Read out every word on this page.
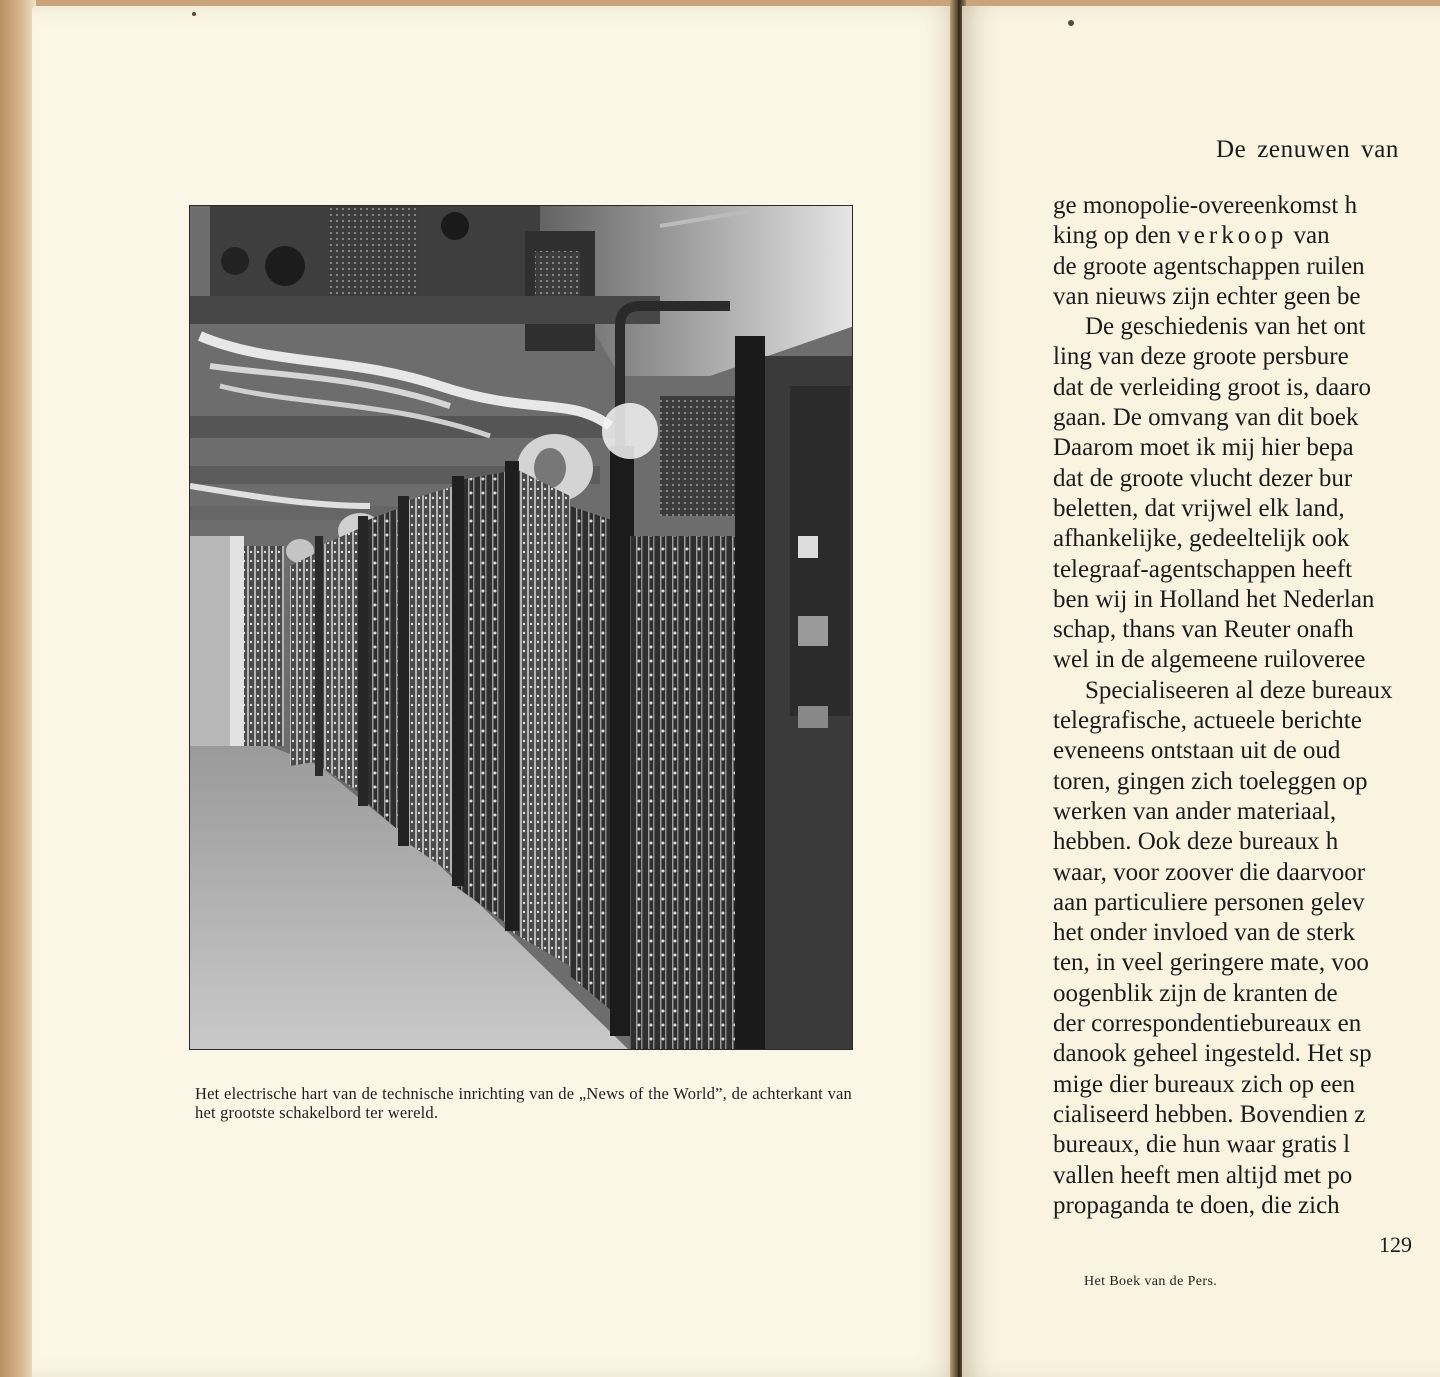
Het electrische hart van de technische inrichting van de „News of the World”, de achterkant van het grootste schakelbord ter wereld.
De zenuwen van
ge monopolie-overeenkomst h
king op den verkoop van
de groote agentschappen ruilen
van nieuws zijn echter geen be
De geschiedenis van het ont
ling van deze groote persbure
dat de verleiding groot is, daaro
gaan. De omvang van dit boek
Daarom moet ik mij hier bepa
dat de groote vlucht dezer bur
beletten, dat vrijwel elk land,
afhankelijke, gedeeltelijk ook
telegraaf-agentschappen heeft
ben wij in Holland het Nederlan
schap, thans van Reuter onafh
wel in de algemeene ruiloveree
Specialiseeren al deze bureaux
telegrafische, actueele berichte
eveneens ontstaan uit de oud
toren, gingen zich toeleggen op
werken van ander materiaal,
hebben. Ook deze bureaux h
waar, voor zoover die daarvoor
aan particuliere personen gelev
het onder invloed van de sterk
ten, in veel geringere mate, voo
oogenblik zijn de kranten de
der correspondentiebureaux en
danook geheel ingesteld. Het sp
mige dier bureaux zich op een
cialiseerd hebben. Bovendien z
bureaux, die hun waar gratis l
vallen heeft men altijd met po
propaganda te doen, die zich
129
Het Boek van de Pers.
